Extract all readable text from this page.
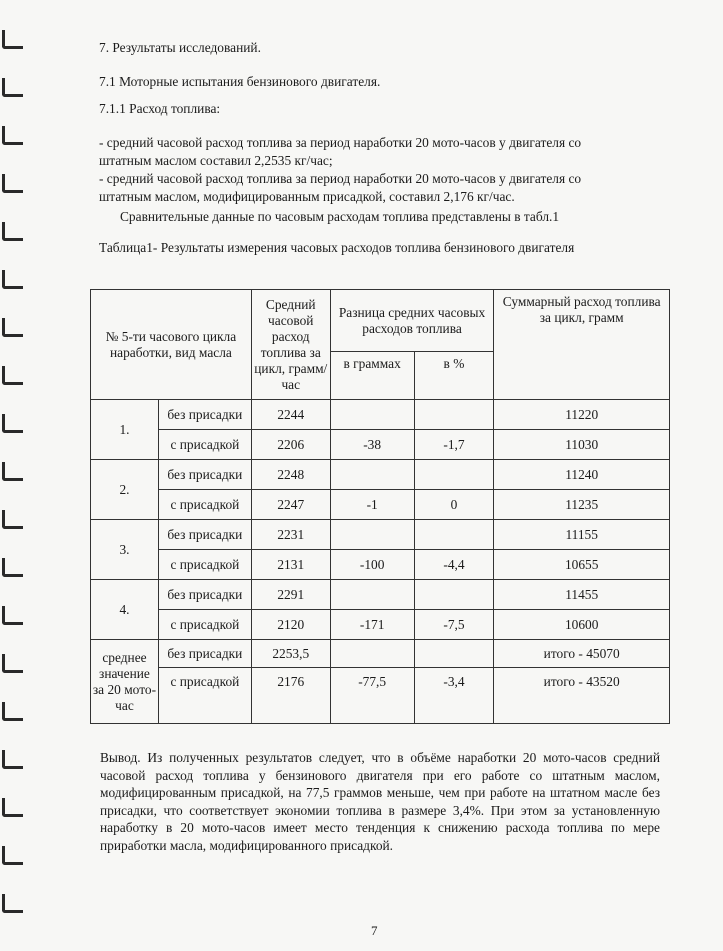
7. Результаты исследований.
7.1 Моторные испытания бензинового двигателя.
7.1.1 Расход топлива:
- средний часовой расход топлива за период наработки 20 мото-часов у двигателя со
штатным маслом составил 2,2535 кг/час;
- средний часовой расход топлива за период наработки 20 мото-часов у двигателя со
штатным маслом, модифицированным присадкой, составил 2,176 кг/час.
Сравнительные данные по часовым расходам топлива представлены в табл.1
Таблица1- Результаты измерения часовых расходов топлива бензинового двигателя
№ 5-ти часового цикла наработки, вид масла		Средний часовой расход топлива за цикл, грамм/час	Разница средних часовых расходов топлива		Суммарный расход топлива за цикл, грамм
			в граммах	в %	
1.	без присадки	2244			11220
	с присадкой	2206	-38	-1,7	11030
2.	без присадки	2248			11240
	с присадкой	2247	-1	0	11235
3.	без присадки	2231			11155
	с присадкой	2131	-100	-4,4	10655
4.	без присадки	2291			11455
	с присадкой	2120	-171	-7,5	10600
среднее значение за 20 мото-час	без присадки	2253,5			итого - 45070
	с присадкой	2176	-77,5	-3,4	итого - 43520
Вывод. Из полученных результатов следует, что в объёме наработки 20 мото-часов средний часовой расход топлива у бензинового двигателя при его работе со штатным маслом, модифицированным присадкой, на 77,5 граммов меньше, чем при работе на штатном масле без присадки, что соответствует экономии топлива в размере 3,4%. При этом за установленную наработку в 20 мото-часов имеет место тенденция к снижению расхода топлива по мере приработки масла, модифицированного присадкой.
7
